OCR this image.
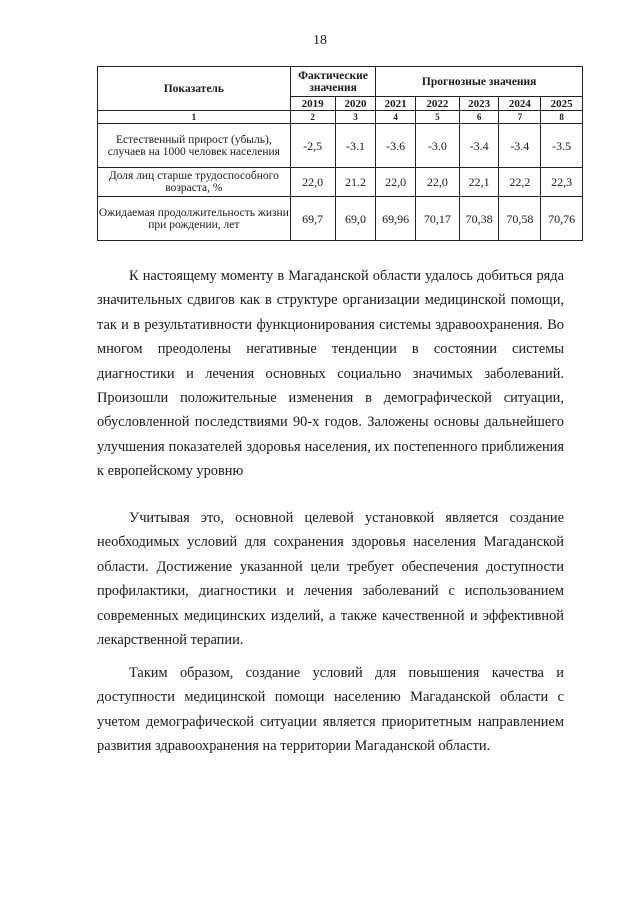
18
Показатель	Фактические значения		Прогнозные значения				
	2019	2020	2021	2022	2023	2024	2025
1	2	3	4	5	6	7	8
Естественный прирост (убыль), случаев на 1000 человек населения	-2,5	-3.1	-3.6	-3.0	-3.4	-3.4	-3.5
Доля лиц старше трудоспособного возраста, %	22,0	21.2	22,0	22,0	22,1	22,2	22,3
Ожидаемая продолжительность жизни при рождении, лет	69,7	69,0	69,96	70,17	70,38	70,58	70,76

К настоящему моменту в Магаданской области удалось добиться ряда значительных сдвигов как в структуре организации медицинской помощи, так и в результативности функционирования системы здравоохранения. Во многом преодолены негативные тенденции в состоянии системы диагностики и лечения основных социально значимых заболеваний. Произошли положительные изменения в демографической ситуации, обусловленной последствиями 90-х годов. Заложены основы дальнейшего улучшения показателей здоровья населения, их постепенного приближения к европейскому уровню

Учитывая это, основной целевой установкой является создание необходимых условий для сохранения здоровья населения Магаданской области. Достижение указанной цели требует обеспечения доступности профилактики, диагностики и лечения заболеваний с использованием современных медицинских изделий, а также качественной и эффективной лекарственной терапии.

Таким образом, создание условий для повышения качества и доступности медицинской помощи населению Магаданской области с учетом демографической ситуации является приоритетным направлением развития здравоохранения на территории Магаданской области.
